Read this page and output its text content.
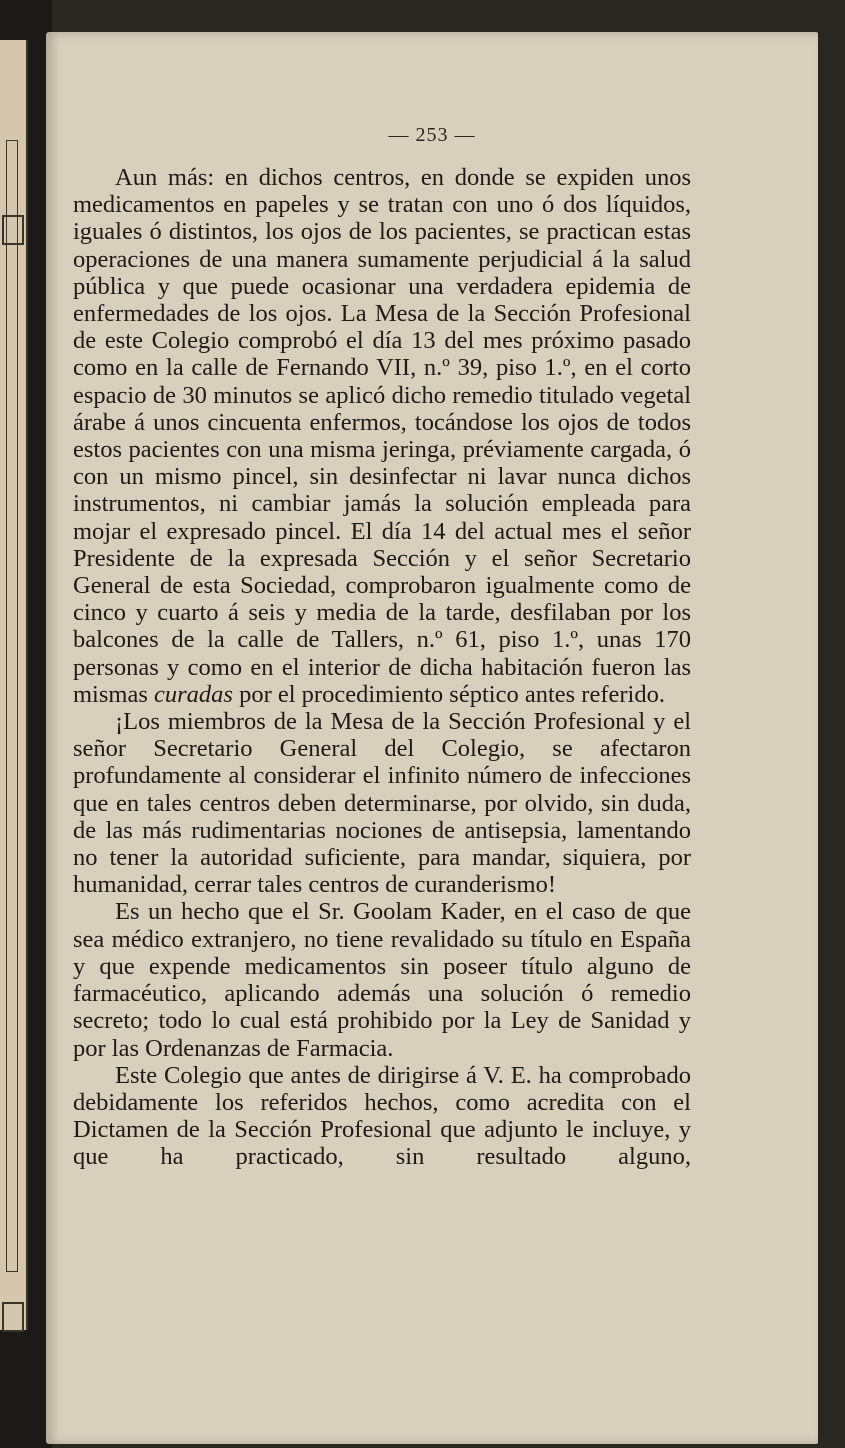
— 253 —

Aun más: en dichos centros, en donde se expiden unos medicamentos en papeles y se tratan con uno ó dos líquidos, iguales ó distintos, los ojos de los pacientes, se practican estas operaciones de una manera sumamente perjudicial á la salud pública y que puede ocasionar una verdadera epidemia de enfermedades de los ojos. La Mesa de la Sección Profesional de este Colegio comprobó el día 13 del mes próximo pasado como en la calle de Fernando VII, n.º 39, piso 1.º, en el corto espacio de 30 minutos se aplicó dicho remedio titulado vegetal árabe á unos cincuenta enfermos, tocándose los ojos de todos estos pacientes con una misma jeringa, préviamente cargada, ó con un mismo pincel, sin desinfectar ni lavar nunca dichos instrumentos, ni cambiar jamás la solución empleada para mojar el expresado pincel. El día 14 del actual mes el señor Presidente de la expresada Sección y el señor Secretario General de esta Sociedad, comprobaron igualmente como de cinco y cuarto á seis y media de la tarde, desfilaban por los balcones de la calle de Tallers, n.º 61, piso 1.º, unas 170 personas y como en el interior de dicha habitación fueron las mismas curadas por el procedimiento séptico antes referido.

¡Los miembros de la Mesa de la Sección Profesional y el señor Secretario General del Colegio, se afectaron profundamente al considerar el infinito número de infecciones que en tales centros deben determinarse, por olvido, sin duda, de las más rudimentarias nociones de antisepsia, lamentando no tener la autoridad suficiente, para mandar, siquiera, por humanidad, cerrar tales centros de curanderismo!

Es un hecho que el Sr. Goolam Kader, en el caso de que sea médico extranjero, no tiene revalidado su título en España y que expende medicamentos sin poseer título alguno de farmacéutico, aplicando además una solución ó remedio secreto; todo lo cual está prohibido por la Ley de Sanidad y por las Ordenanzas de Farmacia.

Este Colegio que antes de dirigirse á V. E. ha comprobado debidamente los referidos hechos, como acredita con el Dictamen de la Sección Profesional que adjunto le incluye, y que ha practicado, sin resultado alguno,
